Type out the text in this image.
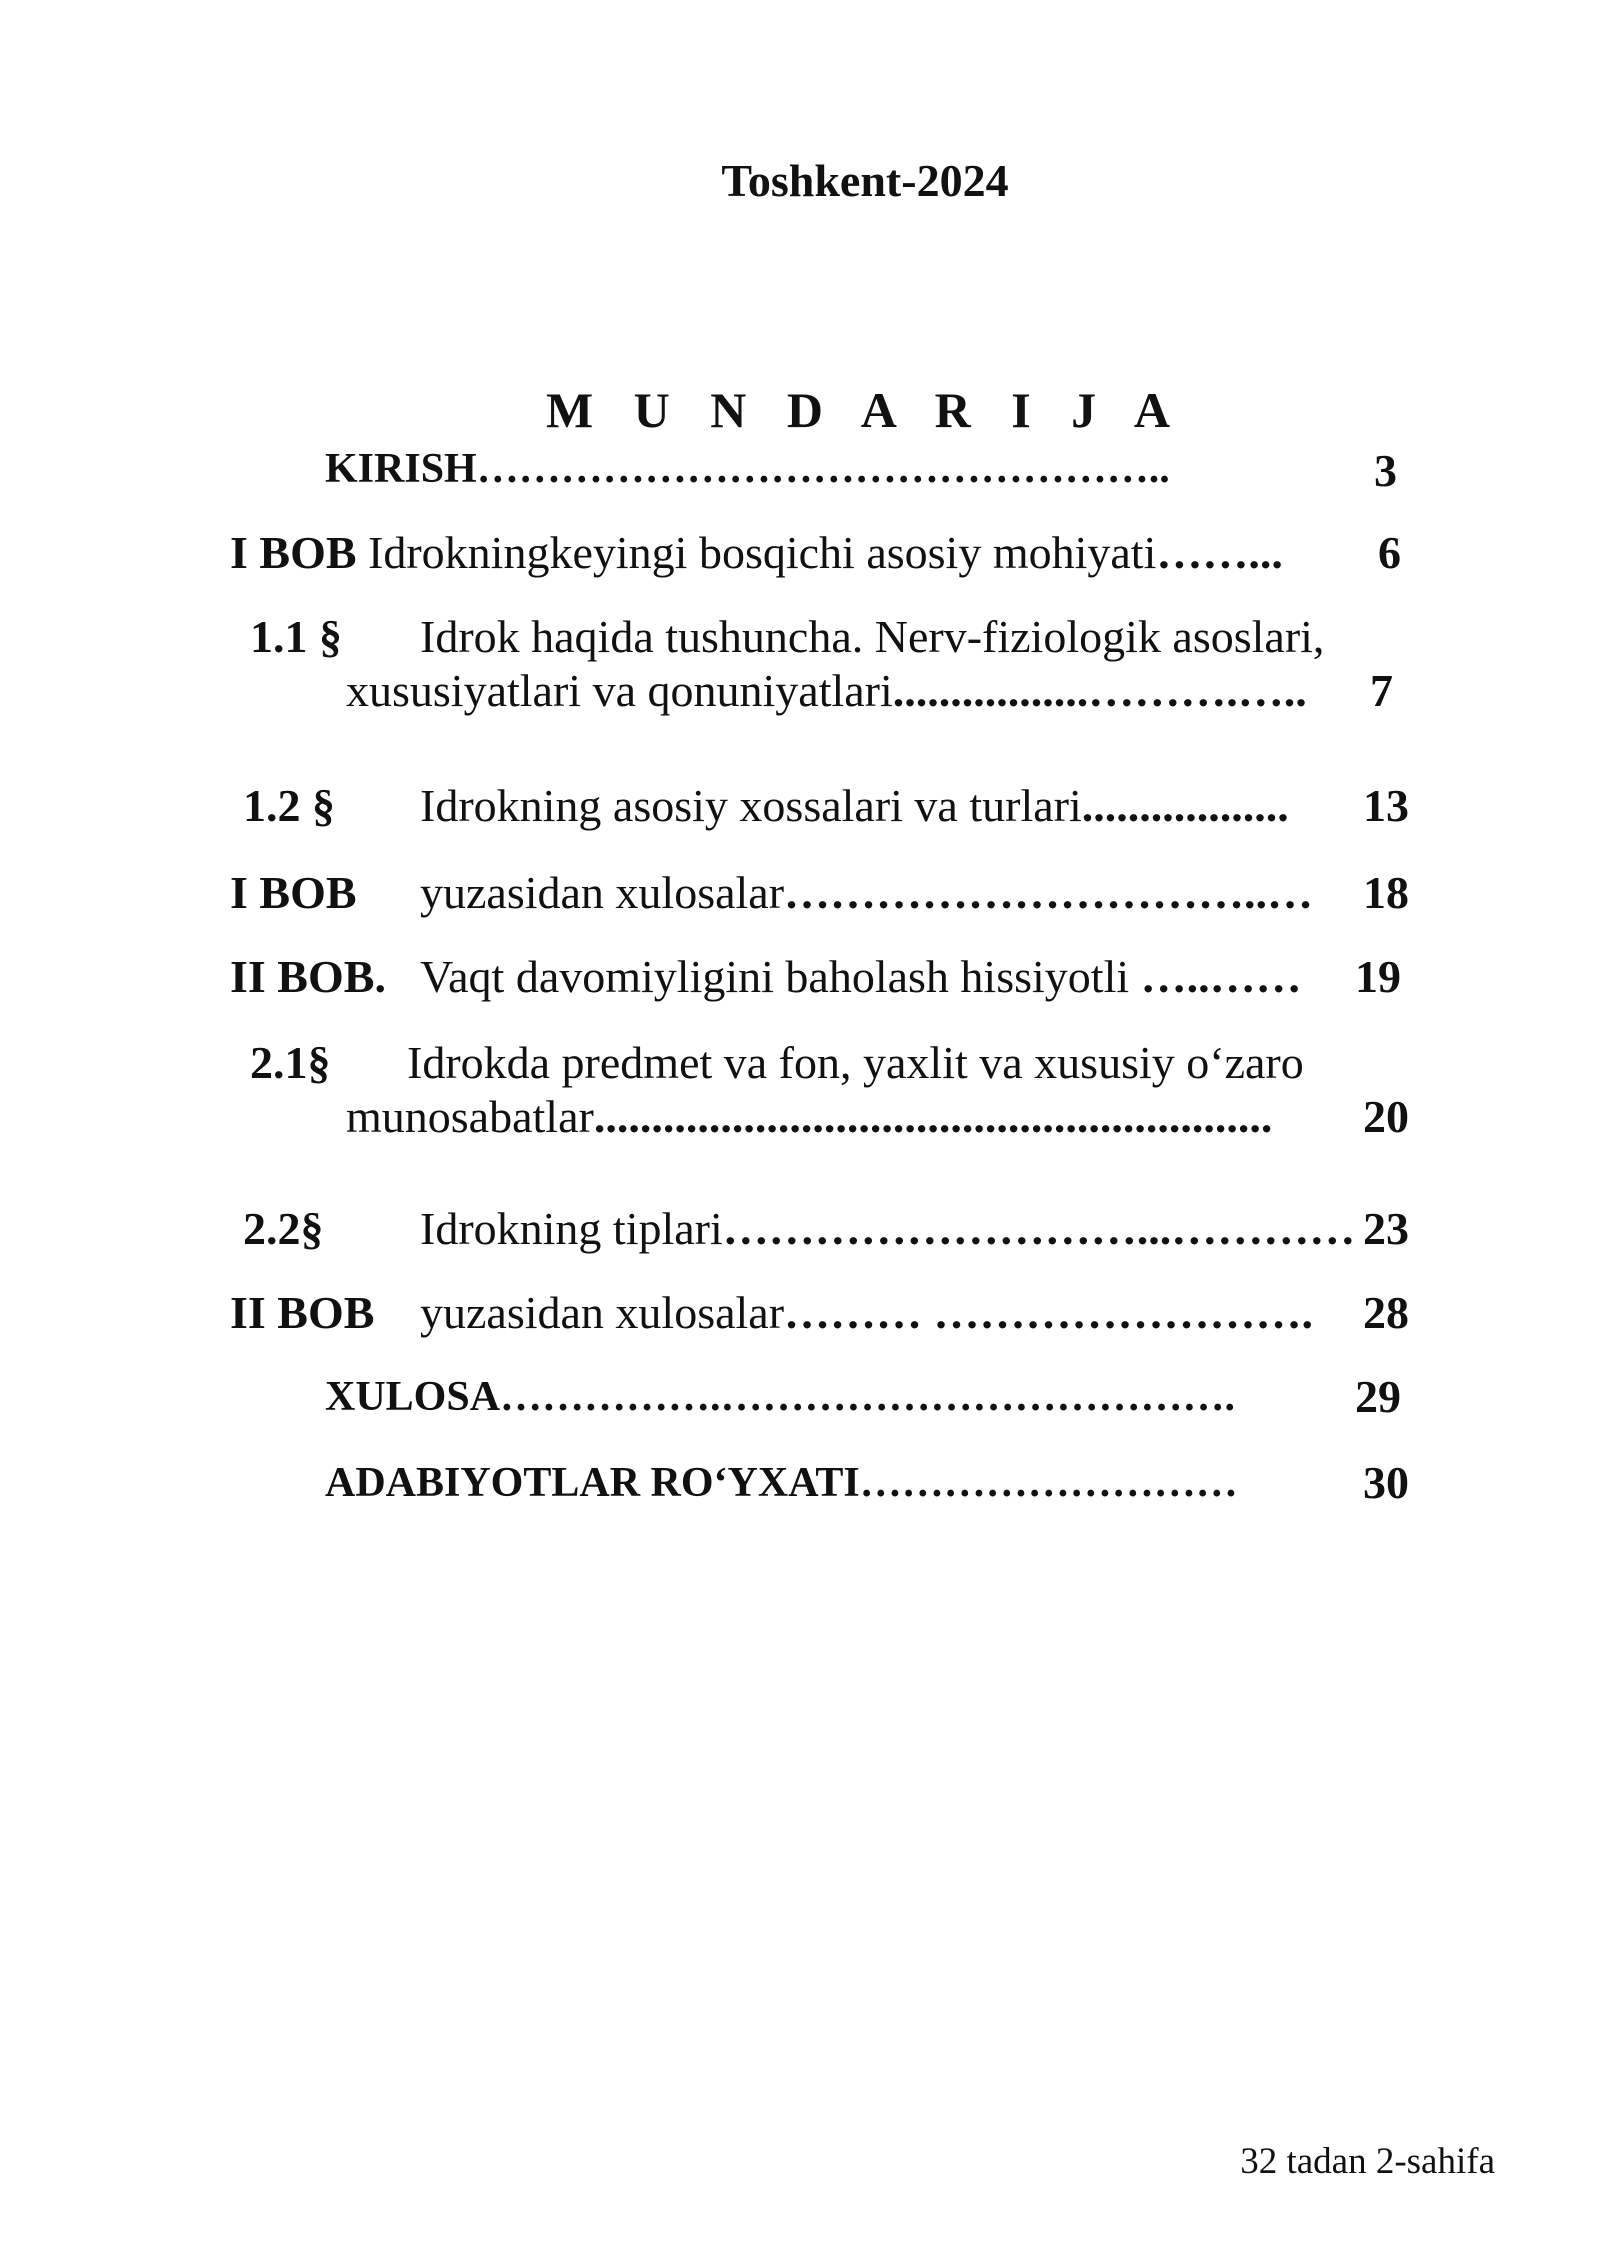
Toshkent-2024
M U N D A R I J A
KIRISH…………………………………………..	3
I BOB Idrokningkeyingi bosqichi asosiy mohiyati……... 6
1.1 § Idrok haqida tushuncha. Nerv-fiziologik asoslari,
xususiyatlari va qonuniyatlari.................……….….. 7
1.2 § Idrokning asosiy xossalari va turlari.................. 13
I BOB yuzasidan xulosalar…………………………..… 18
II BOB. Vaqt davomiyligini baholash hissiyotli …..…… 19
2.1§ Idrokda predmet va fon, yaxlit va xususiy o‘zaro
munosabatlar........................................................... 20
2.2§ Idrokning tiplari………………………...………… 23
II BOB yuzasidan xulosalar……… ……………………. 28
XULOSA…………….……………………………….	29
ADABIYOTLAR RO‘YXATI………………………	30
32 tadan 2-sahifa
